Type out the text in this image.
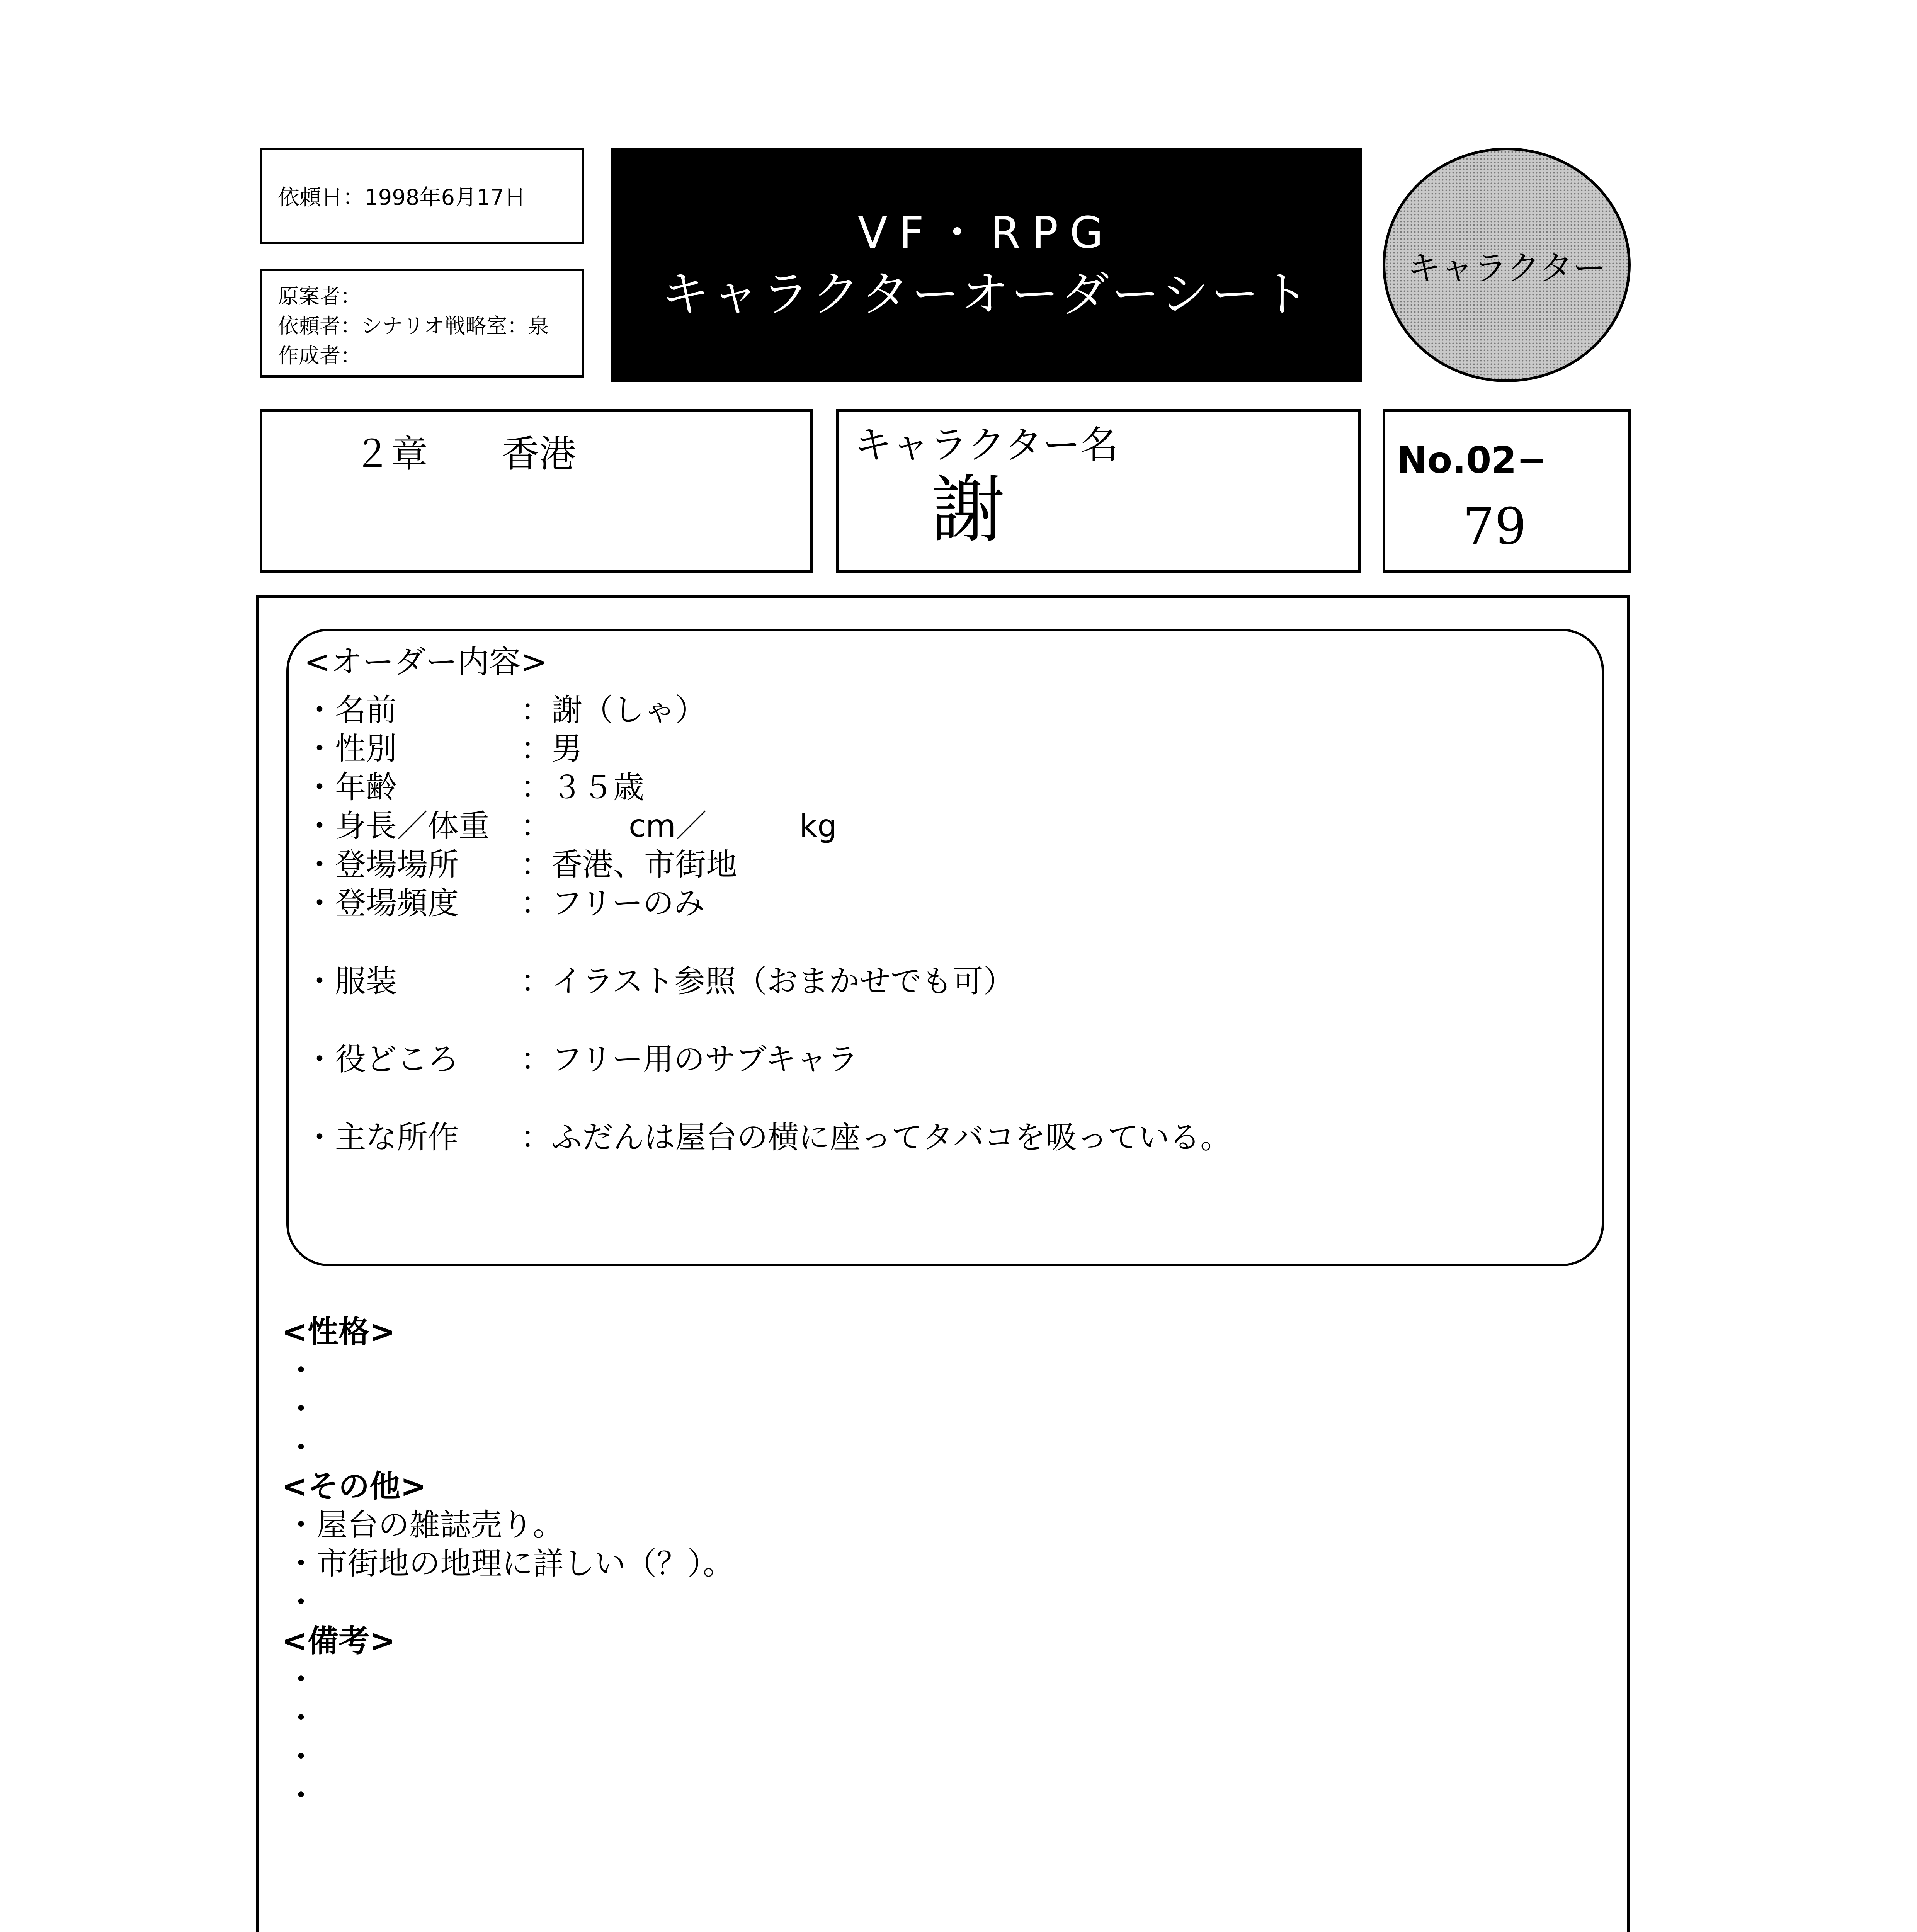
依頼日：1998年6月17日
原案者：
依頼者：シナリオ戦略室：泉
作成者：
VF・RPG
キャラクターオーダーシート	キャラクター
２章　　香港	キャラクター名
謝
No.02−
79
<オーダー内容>
・名前	：謝（しゃ）
・性別	：男
・年齢	：３５歳
・身長／体重 ：　　　cm／　　　kg
・登場場所 ：香港、市街地
・登場頻度 ：フリーのみ
・服装	：イラスト参照（おまかせでも可）
・役どころ ：フリー用のサブキャラ
・主な所作 ：ふだんは屋台の横に座ってタバコを吸っている。
<性格>
・
・
・
<その他>
・屋台の雑誌売り。
・市街地の地理に詳しい（？）。
・
<備考>
・
・
・
・
